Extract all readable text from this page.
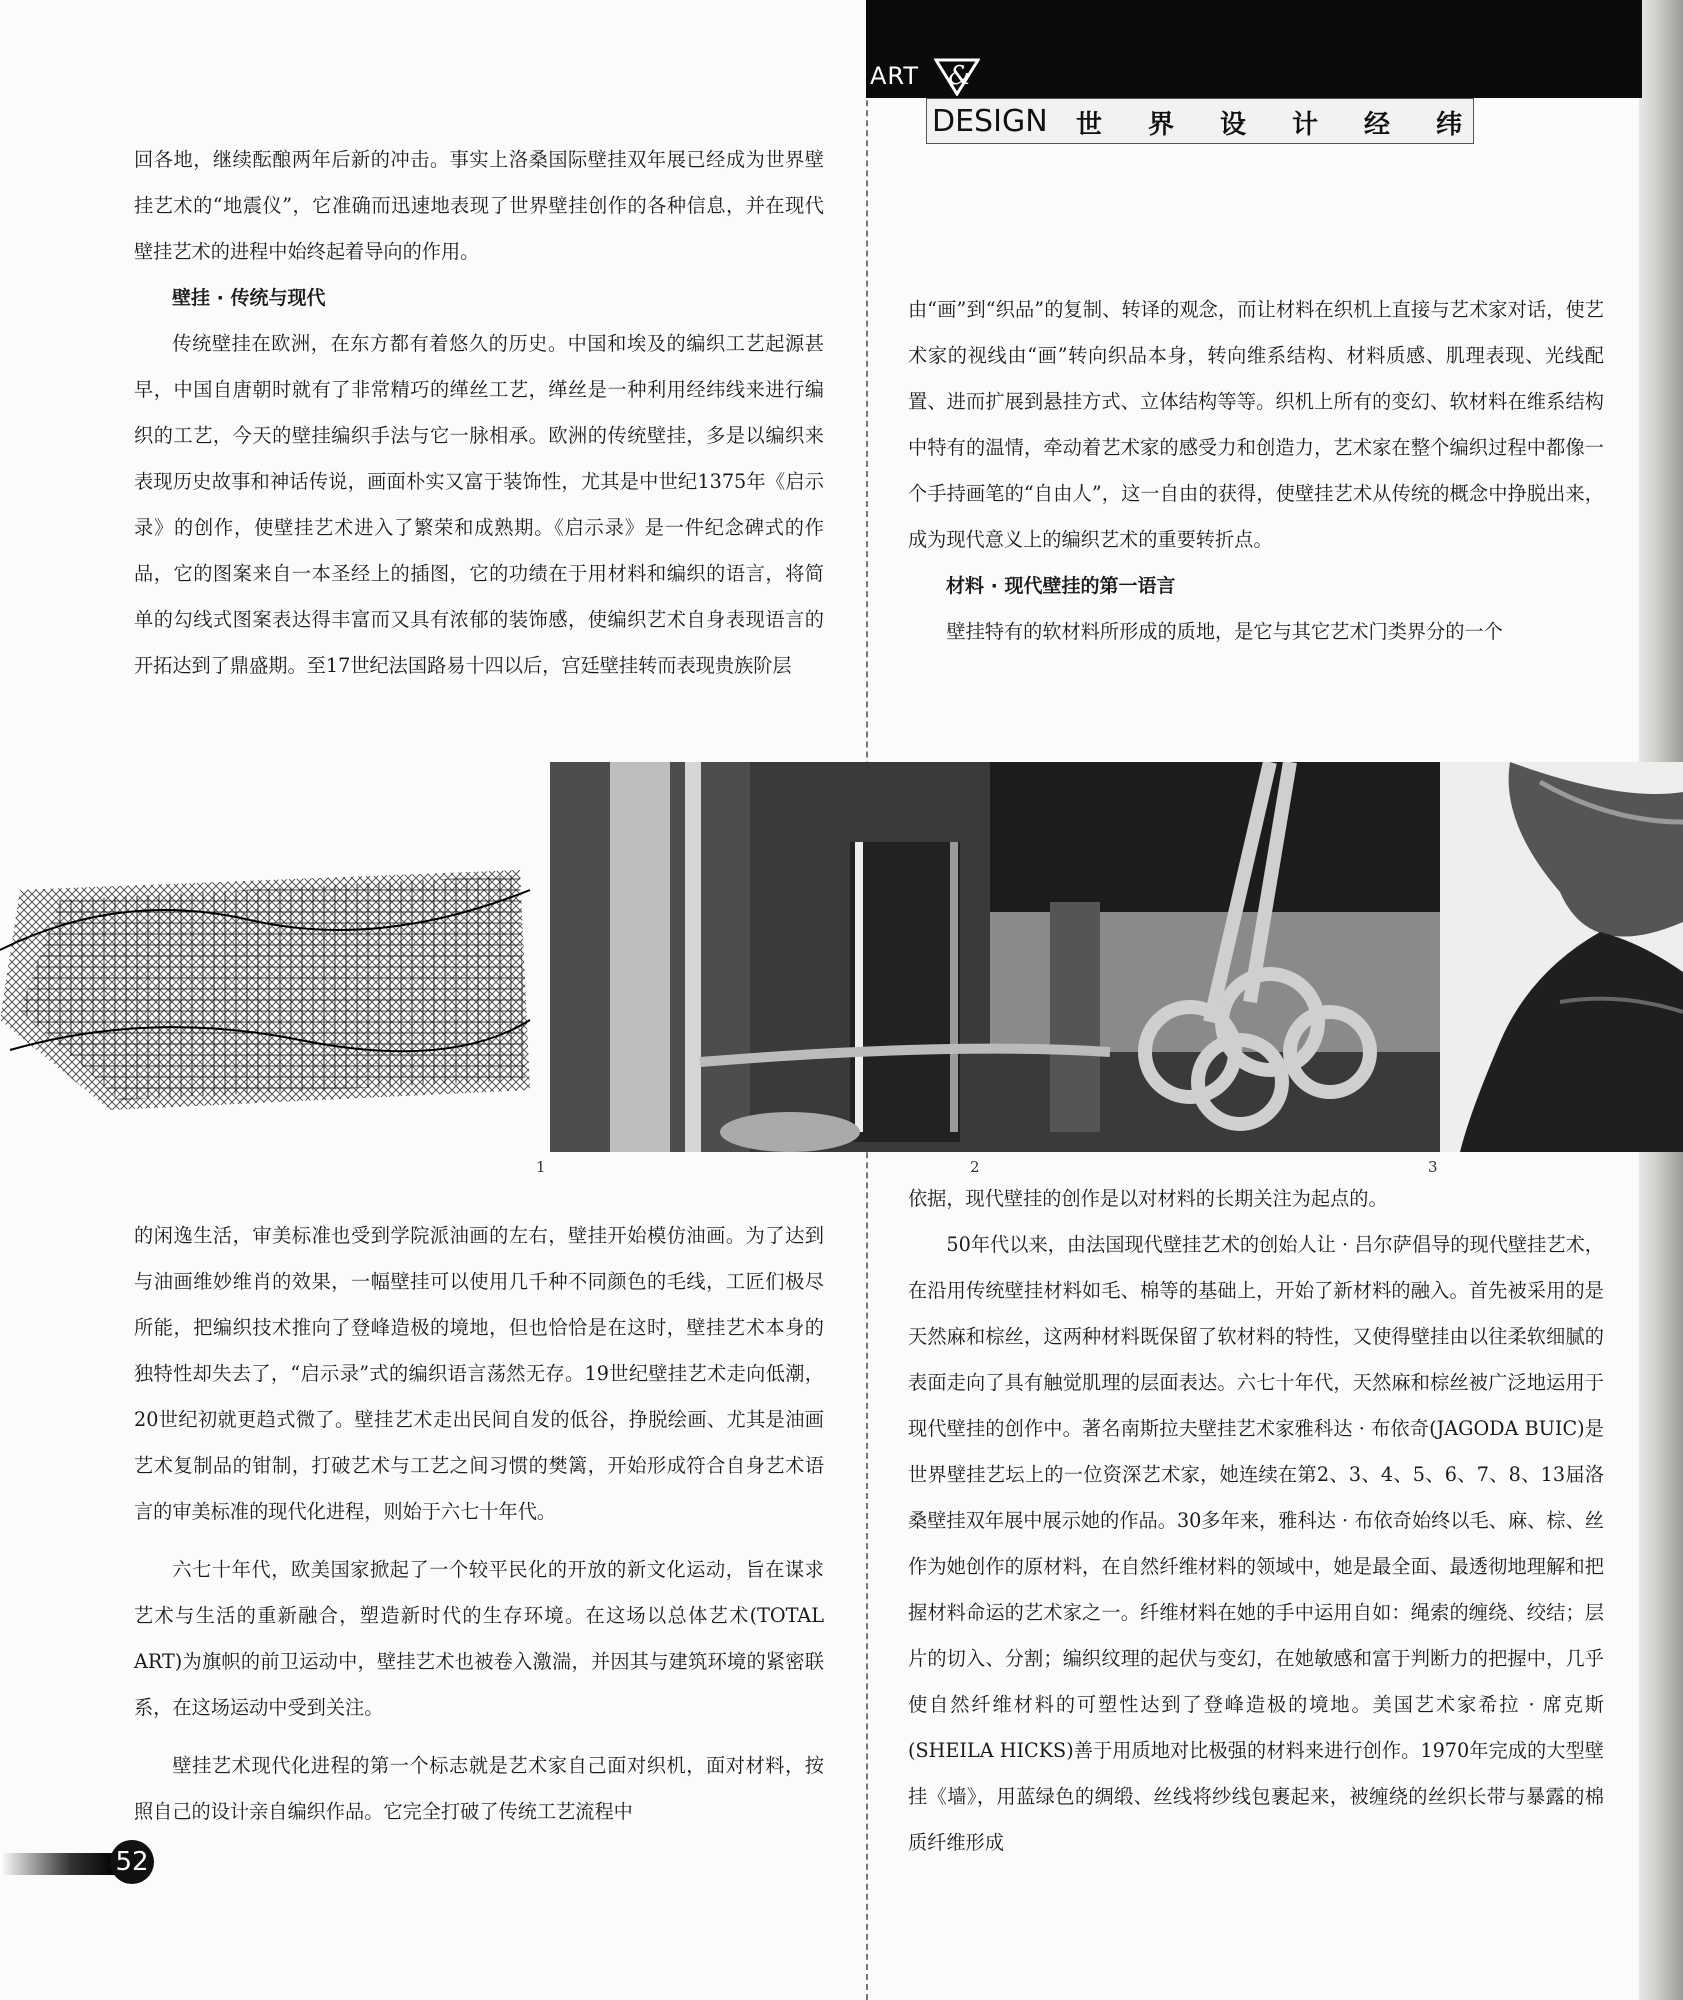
ART &
DESIGN 世界设计经纬

回各地，继续酝酿两年后新的冲击。事实上洛桑国际壁挂双年展已经成为世界壁挂艺术的“地震仪”，它准确而迅速地表现了世界壁挂创作的各种信息，并在现代壁挂艺术的进程中始终起着导向的作用。

壁挂 · 传统与现代

传统壁挂在欧洲，在东方都有着悠久的历史。中国和埃及的编织工艺起源甚早，中国自唐朝时就有了非常精巧的缂丝工艺，缂丝是一种利用经纬线来进行编织的工艺，今天的壁挂编织手法与它一脉相承。欧洲的传统壁挂，多是以编织来表现历史故事和神话传说，画面朴实又富于装饰性，尤其是中世纪1375年《启示录》的创作，使壁挂艺术进入了繁荣和成熟期。《启示录》是一件纪念碑式的作品，它的图案来自一本圣经上的插图，它的功绩在于用材料和编织的语言，将简单的勾线式图案表达得丰富而又具有浓郁的装饰感，使编织艺术自身表现语言的开拓达到了鼎盛期。至17世纪法国路易十四以后，宫廷壁挂转而表现贵族阶层

由“画”到“织品”的复制、转译的观念，而让材料在织机上直接与艺术家对话，使艺术家的视线由“画”转向织品本身，转向维系结构、材料质感、肌理表现、光线配置、进而扩展到悬挂方式、立体结构等等。织机上所有的变幻、软材料在维系结构中特有的温情，牵动着艺术家的感受力和创造力，艺术家在整个编织过程中都像一个手持画笔的“自由人”，这一自由的获得，使壁挂艺术从传统的概念中挣脱出来，成为现代意义上的编织艺术的重要转折点。

材料 · 现代壁挂的第一语言

壁挂特有的软材料所形成的质地，是它与其它艺术门类界分的一个

1	2	3

的闲逸生活，审美标准也受到学院派油画的左右，壁挂开始模仿油画。为了达到与油画维妙维肖的效果，一幅壁挂可以使用几千种不同颜色的毛线，工匠们极尽所能，把编织技术推向了登峰造极的境地，但也恰恰是在这时，壁挂艺术本身的独特性却失去了，“启示录”式的编织语言荡然无存。19世纪壁挂艺术走向低潮，20世纪初就更趋式微了。壁挂艺术走出民间自发的低谷，挣脱绘画、尤其是油画艺术复制品的钳制，打破艺术与工艺之间习惯的樊篱，开始形成符合自身艺术语言的审美标准的现代化进程，则始于六七十年代。

六七十年代，欧美国家掀起了一个较平民化的开放的新文化运动，旨在谋求艺术与生活的重新融合，塑造新时代的生存环境。在这场以总体艺术(TOTAL ART)为旗帜的前卫运动中，壁挂艺术也被卷入激湍，并因其与建筑环境的紧密联系，在这场运动中受到关注。

壁挂艺术现代化进程的第一个标志就是艺术家自己面对织机，面对材料，按照自己的设计亲自编织作品。它完全打破了传统工艺流程中

依据，现代壁挂的创作是以对材料的长期关注为起点的。

50年代以来，由法国现代壁挂艺术的创始人让 · 吕尔萨倡导的现代壁挂艺术，在沿用传统壁挂材料如毛、棉等的基础上，开始了新材料的融入。首先被采用的是天然麻和棕丝，这两种材料既保留了软材料的特性，又使得壁挂由以往柔软细腻的表面走向了具有触觉肌理的层面表达。六七十年代，天然麻和棕丝被广泛地运用于现代壁挂的创作中。著名南斯拉夫壁挂艺术家雅科达 · 布依奇(JAGODA BUIC)是世界壁挂艺坛上的一位资深艺术家，她连续在第2、3、4、5、6、7、8、13届洛桑壁挂双年展中展示她的作品。30多年来，雅科达 · 布依奇始终以毛、麻、棕、丝作为她创作的原材料，在自然纤维材料的领域中，她是最全面、最透彻地理解和把握材料命运的艺术家之一。纤维材料在她的手中运用自如：绳索的缠绕、绞结；层片的切入、分割；编织纹理的起伏与变幻，在她敏感和富于判断力的把握中，几乎使自然纤维材料的可塑性达到了登峰造极的境地。美国艺术家希拉 · 席克斯(SHEILA HICKS)善于用质地对比极强的材料来进行创作。1970年完成的大型壁挂《墙》，用蓝绿色的绸缎、丝线将纱线包裹起来，被缠绕的丝织长带与暴露的棉质纤维形成

52
